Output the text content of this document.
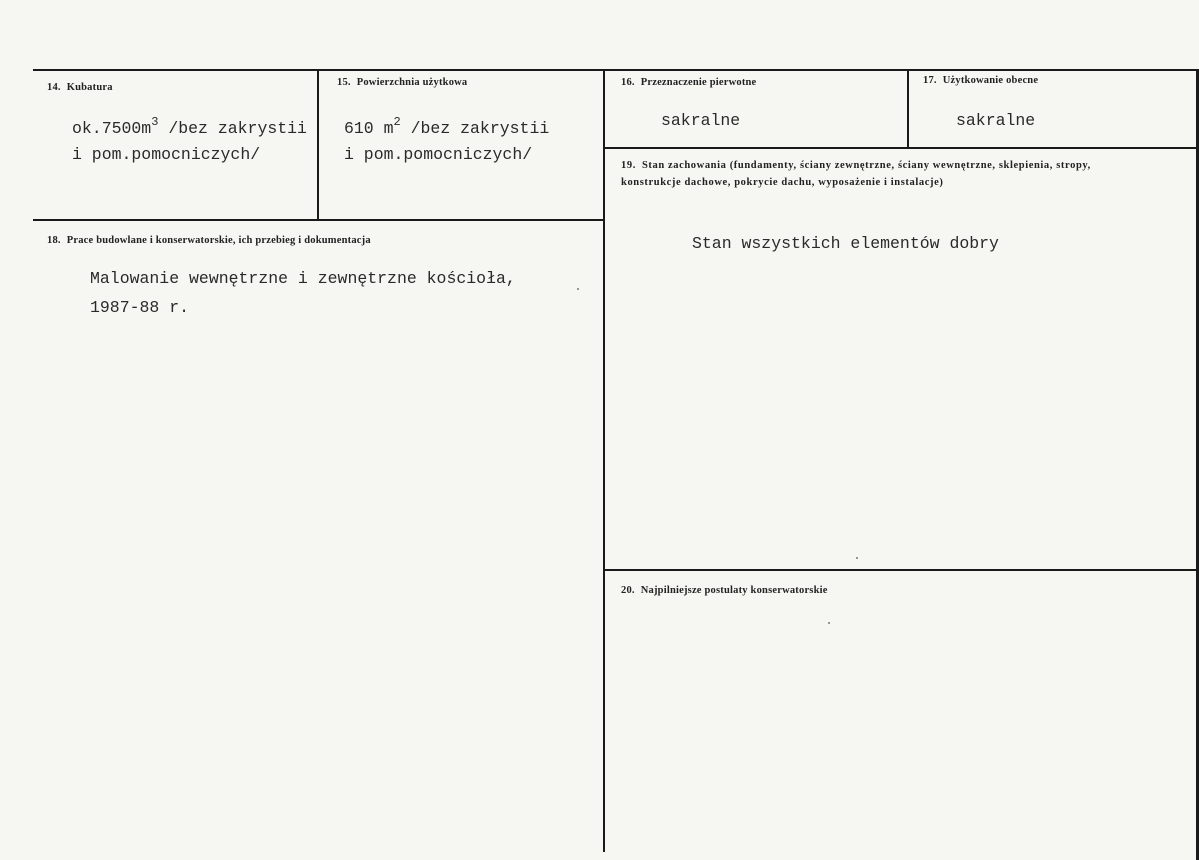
14. Kubatura
$ok.7500m^3$ /bez zakrystii
i pom.pomocniczych/
15. Powierzchnia użytkowa
610 $m^2$ /bez zakrystii
i pom.pomocniczych/
16. Przeznaczenie pierwotne
sakralne
17. Użytkowanie obecne
sakralne
18. Prace budowlane i konserwatorskie, ich przebieg i dokumentacja
Malowanie wewnętrzne i zewnętrzne kościoła,
1987-88 r.
19. Stan zachowania (fundamenty, ściany zewnętrzne, ściany wewnętrzne, sklepienia, stropy,
konstrukcje dachowe, pokrycie dachu, wyposażenie i instalacje)
Stan wszystkich elementów dobry
20. Najpilniejsze postulaty konserwatorskie
